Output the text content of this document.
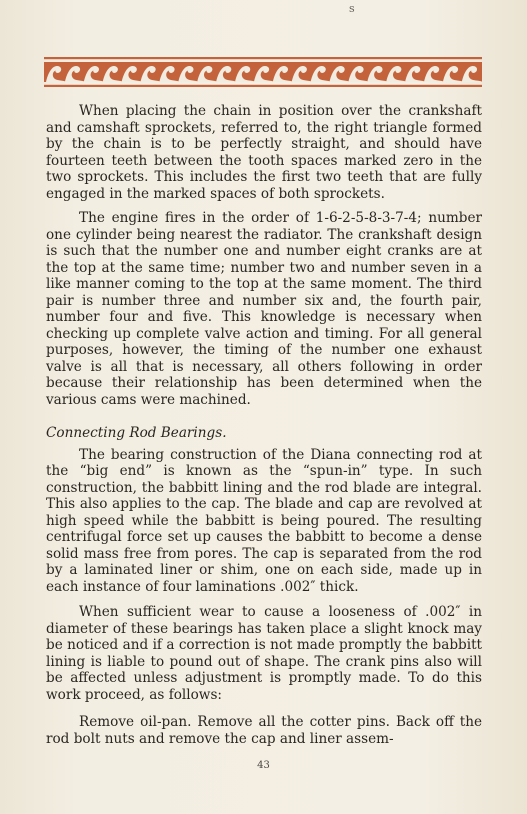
s

When placing the chain in position over the crankshaft and camshaft sprockets, referred to, the right triangle formed by the chain is to be perfectly straight, and should have fourteen teeth between the tooth spaces marked zero in the two sprockets. This includes the first two teeth that are fully engaged in the marked spaces of both sprockets.

The engine fires in the order of 1-6-2-5-8-3-7-4; number one cylinder being nearest the radiator. The crankshaft design is such that the number one and number eight cranks are at the top at the same time; number two and number seven in a like manner coming to the top at the same moment. The third pair is number three and number six and, the fourth pair, number four and five. This knowledge is necessary when checking up complete valve action and timing. For all general purposes, however, the timing of the number one exhaust valve is all that is necessary, all others following in order because their relationship has been determined when the various cams were machined.

Connecting Rod Bearings.

The bearing construction of the Diana connecting rod at the “big end” is known as the “spun-in” type. In such construction, the babbitt lining and the rod blade are integral. This also applies to the cap. The blade and cap are revolved at high speed while the babbitt is being poured. The resulting centrifugal force set up causes the babbitt to become a dense solid mass free from pores. The cap is separated from the rod by a laminated liner or shim, one on each side, made up in each instance of four laminations .002″ thick.

When sufficient wear to cause a looseness of .002″ in diameter of these bearings has taken place a slight knock may be noticed and if a correction is not made promptly the babbitt lining is liable to pound out of shape. The crank pins also will be affected unless adjustment is promptly made. To do this work proceed, as follows:

Remove oil-pan. Remove all the cotter pins. Back off the rod bolt nuts and remove the cap and liner assem-

43
